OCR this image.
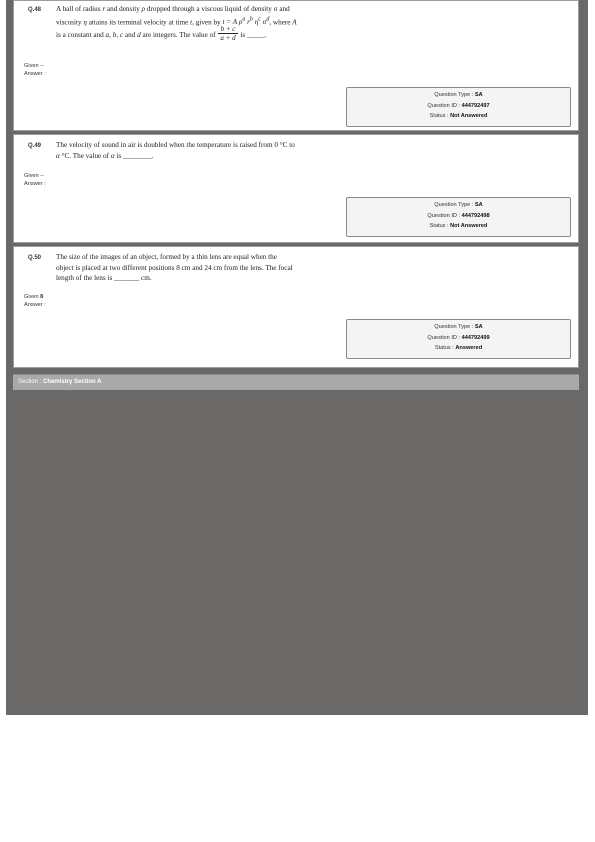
Q.48 A ball of radius r and density ρ dropped through a viscous liquid of density σ and
viscosity η attains its terminal velocity at time t, given by t = A $\rho^a$ $r^b$ $\eta^c$ $\sigma^d$, where A
is a constant and a, b, c and d are integers. The value of $\frac{b + c}{a + d}$ is _____.
Given --
Answer :
Question Type : SA
Question ID : 444792497
Status : Not Answered
Q.49 The velocity of sound in air is doubled when the temperature is raised from 0 °C to
α °C. The value of α is ________.
Given --
Answer :
Question Type : SA
Question ID : 444792498
Status : Not Answered
Q.50 The size of the images of an object, formed by a thin lens are equal when the
object is placed at two different positions 8 cm and 24 cm from the lens. The focal
length of the lens is _______ cm.
Given 8
Answer :
Question Type : SA
Question ID : 444792499
Status : Answered
Section : Chemistry Section A
